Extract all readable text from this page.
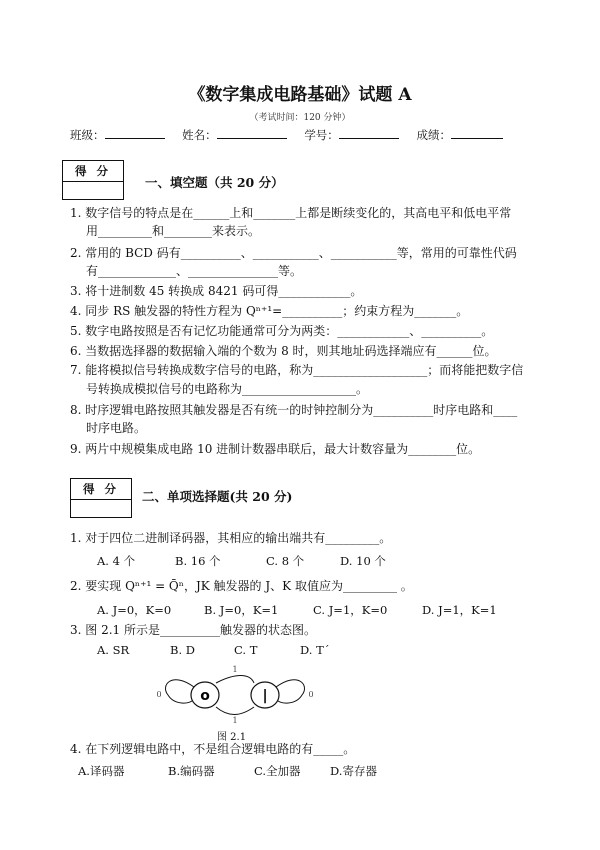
《数字集成电路基础》试题 A
（考试时间：120 分钟）
班级：	姓名：	学号：	成绩：
得 分
一、填空题（共 20 分）
1. 数字信号的特点是在______上和_______上都是断续变化的，其高电平和低电平常
用_________和________来表示。
2. 常用的 BCD 码有__________、___________、___________等，常用的可靠性代码
有_____________、_______________等。
3. 将十进制数 45 转换成 8421 码可得____________。
4. 同步 RS 触发器的特性方程为 Qⁿ⁺¹=__________；约束方程为_______。
5. 数字电路按照是否有记忆功能通常可分为两类：____________、__________。
6. 当数据选择器的数据输入端的个数为 8 时，则其地址码选择端应有______位。
7. 能将模拟信号转换成数字信号的电路，称为___________________；而将能把数字信
号转换成模拟信号的电路称为___________________。
8. 时序逻辑电路按照其触发器是否有统一的时钟控制分为__________时序电路和____
时序电路。
9. 两片中规模集成电路 10 进制计数器串联后，最大计数容量为________位。
得 分	二、单项选择题(共 20 分)
1. 对于四位二进制译码器，其相应的输出端共有_________。
A. 4 个	B. 16 个	C. 8 个	D. 10 个
2. 要实现 Qⁿ⁺¹ = Q̄ⁿ，JK 触发器的 J、K 取值应为_________ 。
A. J=0，K=0	B. J=0，K=1	C. J=1，K=0	D. J=1，K=1
3. 图 2.1 所示是__________触发器的状态图。
A. SR	B. D	C. T	D. T´
o	|
0	0
1
1
图 2.1
4. 在下列逻辑电路中，不是组合逻辑电路的有_____。
A.译码器	B.编码器	C.全加器	D.寄存器
